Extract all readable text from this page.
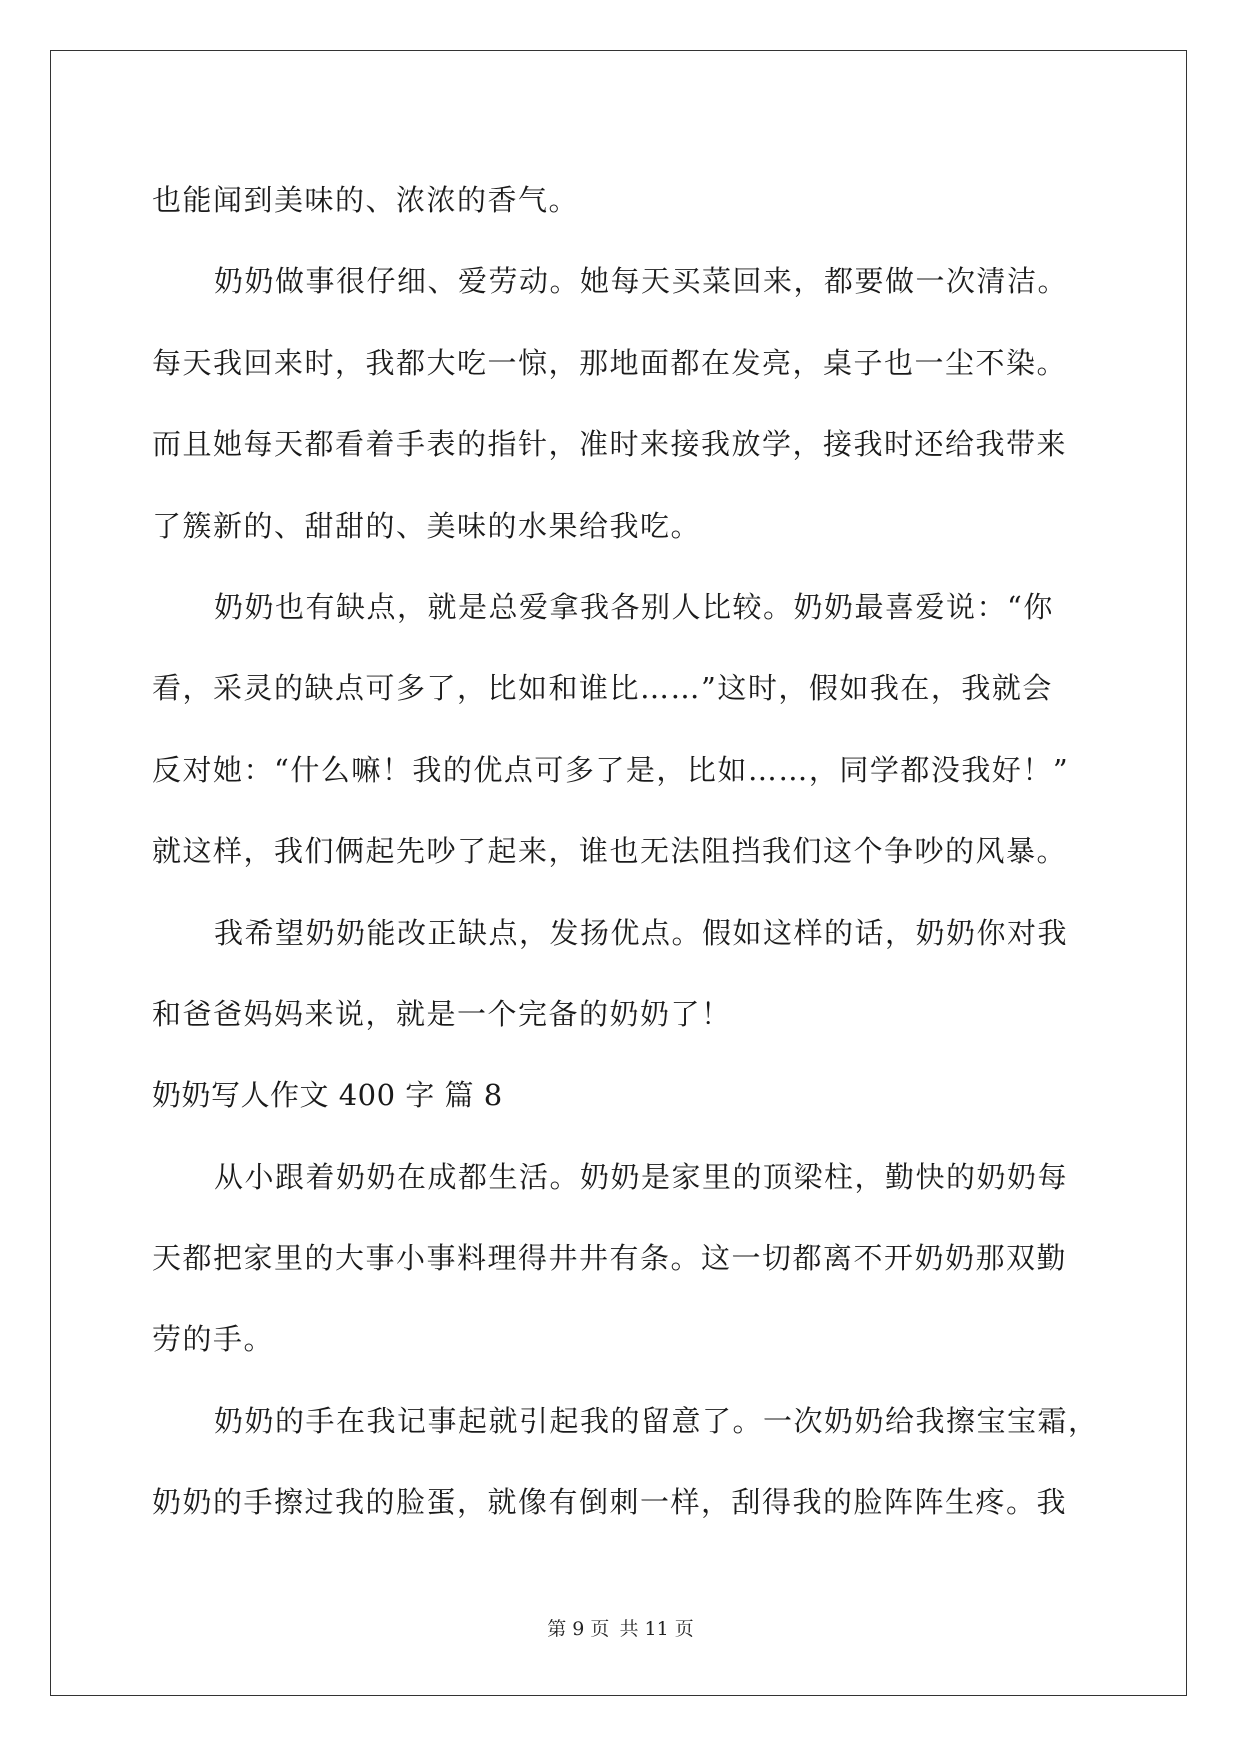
也能闻到美味的、浓浓的香气。
奶奶做事很仔细、爱劳动。她每天买菜回来，都要做一次清洁。
每天我回来时，我都大吃一惊，那地面都在发亮，桌子也一尘不染。
而且她每天都看着手表的指针，准时来接我放学，接我时还给我带来
了簇新的、甜甜的、美味的水果给我吃。
奶奶也有缺点，就是总爱拿我各别人比较。奶奶最喜爱说：“你
看，采灵的缺点可多了，比如和谁比……”这时，假如我在，我就会
反对她：“什么嘛！我的优点可多了是，比如……，同学都没我好！”
就这样，我们俩起先吵了起来，谁也无法阻挡我们这个争吵的风暴。
我希望奶奶能改正缺点，发扬优点。假如这样的话，奶奶你对我
和爸爸妈妈来说，就是一个完备的奶奶了！
奶奶写人作文 400 字 篇 8
从小跟着奶奶在成都生活。奶奶是家里的顶梁柱，勤快的奶奶每
天都把家里的大事小事料理得井井有条。这一切都离不开奶奶那双勤
劳的手。
奶奶的手在我记事起就引起我的留意了。一次奶奶给我擦宝宝霜，
奶奶的手擦过我的脸蛋，就像有倒刺一样，刮得我的脸阵阵生疼。我
第 9 页 共 11 页
